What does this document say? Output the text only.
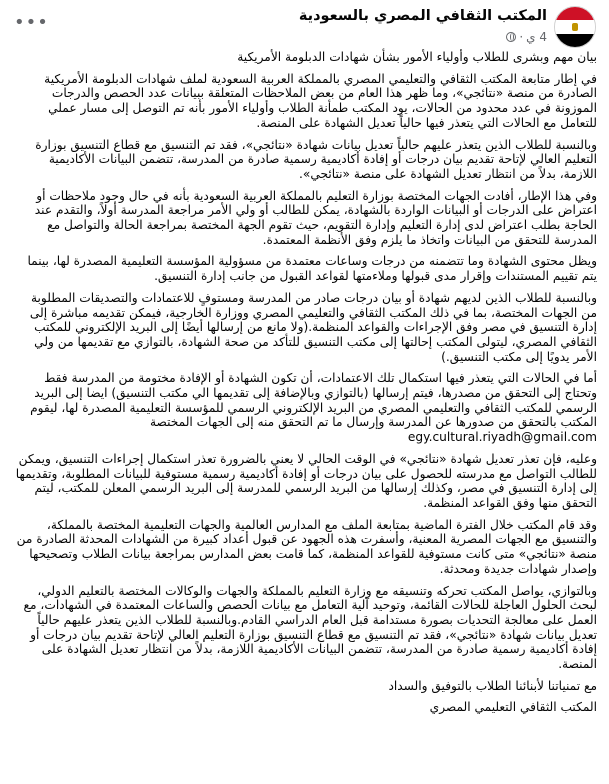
المكتب الثقافي المصري بالسعودية
4 ي
·
•••

بيان مهم وبشرى للطلاب وأولياء الأمور بشأن شهادات الدبلومة الأمريكية

في إطار متابعة المكتب الثقافي والتعليمي المصري بالمملكة العربية السعودية لملف شهادات الدبلومة الأمريكية الصادرة من منصة «نتائجي»، وما ظهر هذا العام من بعض الملاحظات المتعلقة ببيانات عدد الحصص والدرجات الموزونة في عدد محدود من الحالات، يود المكتب طمأنة الطلاب وأولياء الأمور بأنه تم التوصل إلى مسار عملي للتعامل مع الحالات التي يتعذر فيها حالياً تعديل الشهادة على المنصة.

وبالنسبة للطلاب الذين يتعذر عليهم حالياً تعديل بيانات شهادة «نتائجي»، فقد تم التنسيق مع قطاع التنسيق بوزارة التعليم العالي لإتاحة تقديم بيان درجات أو إفادة أكاديمية رسمية صادرة من المدرسة، تتضمن البيانات الأكاديمية اللازمة، بدلاً من انتظار تعديل الشهادة على منصة «نتائجي».

وفي هذا الإطار، أفادت الجهات المختصة بوزارة التعليم بالمملكة العربية السعودية بأنه في حال وجود ملاحظات أو اعتراض على الدرجات أو البيانات الواردة بالشهادة، يمكن للطالب أو ولي الأمر مراجعة المدرسة أولاً، والتقدم عند الحاجة بطلب اعتراض لدى إدارة التعليم وإدارة التقويم، حيث تقوم الجهة المختصة بمراجعة الحالة والتواصل مع المدرسة للتحقق من البيانات واتخاذ ما يلزم وفق الأنظمة المعتمدة.

ويظل محتوى الشهادة وما تتضمنه من درجات وساعات معتمدة من مسؤولية المؤسسة التعليمية المصدرة لها، بينما يتم تقييم المستندات وإقرار مدى قبولها وملاءمتها لقواعد القبول من جانب إدارة التنسيق.

وبالنسبة للطلاب الذين لديهم شهادة أو بيان درجات صادر من المدرسة ومستوفٍ للاعتمادات والتصديقات المطلوبة من الجهات المختصة، بما في ذلك المكتب الثقافي والتعليمي المصري ووزارة الخارجية، فيمكن تقديمه مباشرة إلى إدارة التنسيق في مصر وفق الإجراءات والقواعد المنظمة.(ولا مانع من إرسالها أيضًا إلى البريد الإلكتروني للمكتب الثقافي المصري، ليتولى المكتب إحالتها إلى مكتب التنسيق للتأكد من صحة الشهادة، بالتوازي مع تقديمها من ولي الأمر يدويًا إلى مكتب التنسيق.)

أما في الحالات التي يتعذر فيها استكمال تلك الاعتمادات، أن تكون الشهادة أو الإفادة مختومة من المدرسة فقط وتحتاج إلى التحقق من مصدرها، فيتم إرسالها (بالتوازي وبالإضافة إلى تقديمها الي مكتب التنسيق) ايضا إلى البريد الرسمي للمكتب الثقافي والتعليمي المصري من البريد الإلكتروني الرسمي للمؤسسة التعليمية المصدرة لها، ليقوم المكتب بالتحقق من صدورها عن المدرسة وإرسال ما تم التحقق منه إلى الجهات المختصة
egy.cultural.riyadh@gmail.com

وعليه، فإن تعذر تعديل شهادة «نتائجي» في الوقت الحالي لا يعني بالضرورة تعذر استكمال إجراءات التنسيق، ويمكن للطالب التواصل مع مدرسته للحصول على بيان درجات أو إفادة أكاديمية رسمية مستوفية للبيانات المطلوبة، وتقديمها إلى إدارة التنسيق في مصر، وكذلك إرسالها من البريد الرسمي للمدرسة إلى البريد الرسمي المعلن للمكتب، ليتم التحقق منها وفق القواعد المنظمة.

وقد قام المكتب خلال الفترة الماضية بمتابعة الملف مع المدارس العالمية والجهات التعليمية المختصة بالمملكة، والتنسيق مع الجهات المصرية المعنية، وأسفرت هذه الجهود عن قبول أعداد كبيرة من الشهادات المحدثة الصادرة من منصة «نتائجي» متى كانت مستوفية للقواعد المنظمة، كما قامت بعض المدارس بمراجعة بيانات الطلاب وتصحيحها وإصدار شهادات جديدة ومحدثة.

وبالتوازي، يواصل المكتب تحركه وتنسيقه مع وزارة التعليم بالمملكة والجهات والوكالات المختصة بالتعليم الدولي، لبحث الحلول العاجلة للحالات القائمة، وتوحيد آلية التعامل مع بيانات الحصص والساعات المعتمدة في الشهادات، مع العمل على معالجة التحديات بصورة مستدامة قبل العام الدراسي القادم.وبالنسبة للطلاب الذين يتعذر عليهم حالياً تعديل بيانات شهادة «نتائجي»، فقد تم التنسيق مع قطاع التنسيق بوزارة التعليم العالي لإتاحة تقديم بيان درجات أو إفادة أكاديمية رسمية صادرة من المدرسة، تتضمن البيانات الأكاديمية اللازمة، بدلاً من انتظار تعديل الشهادة على المنصة.

مع تمنياتنا لأبنائنا الطلاب بالتوفيق والسداد

المكتب الثقافي التعليمي المصري
